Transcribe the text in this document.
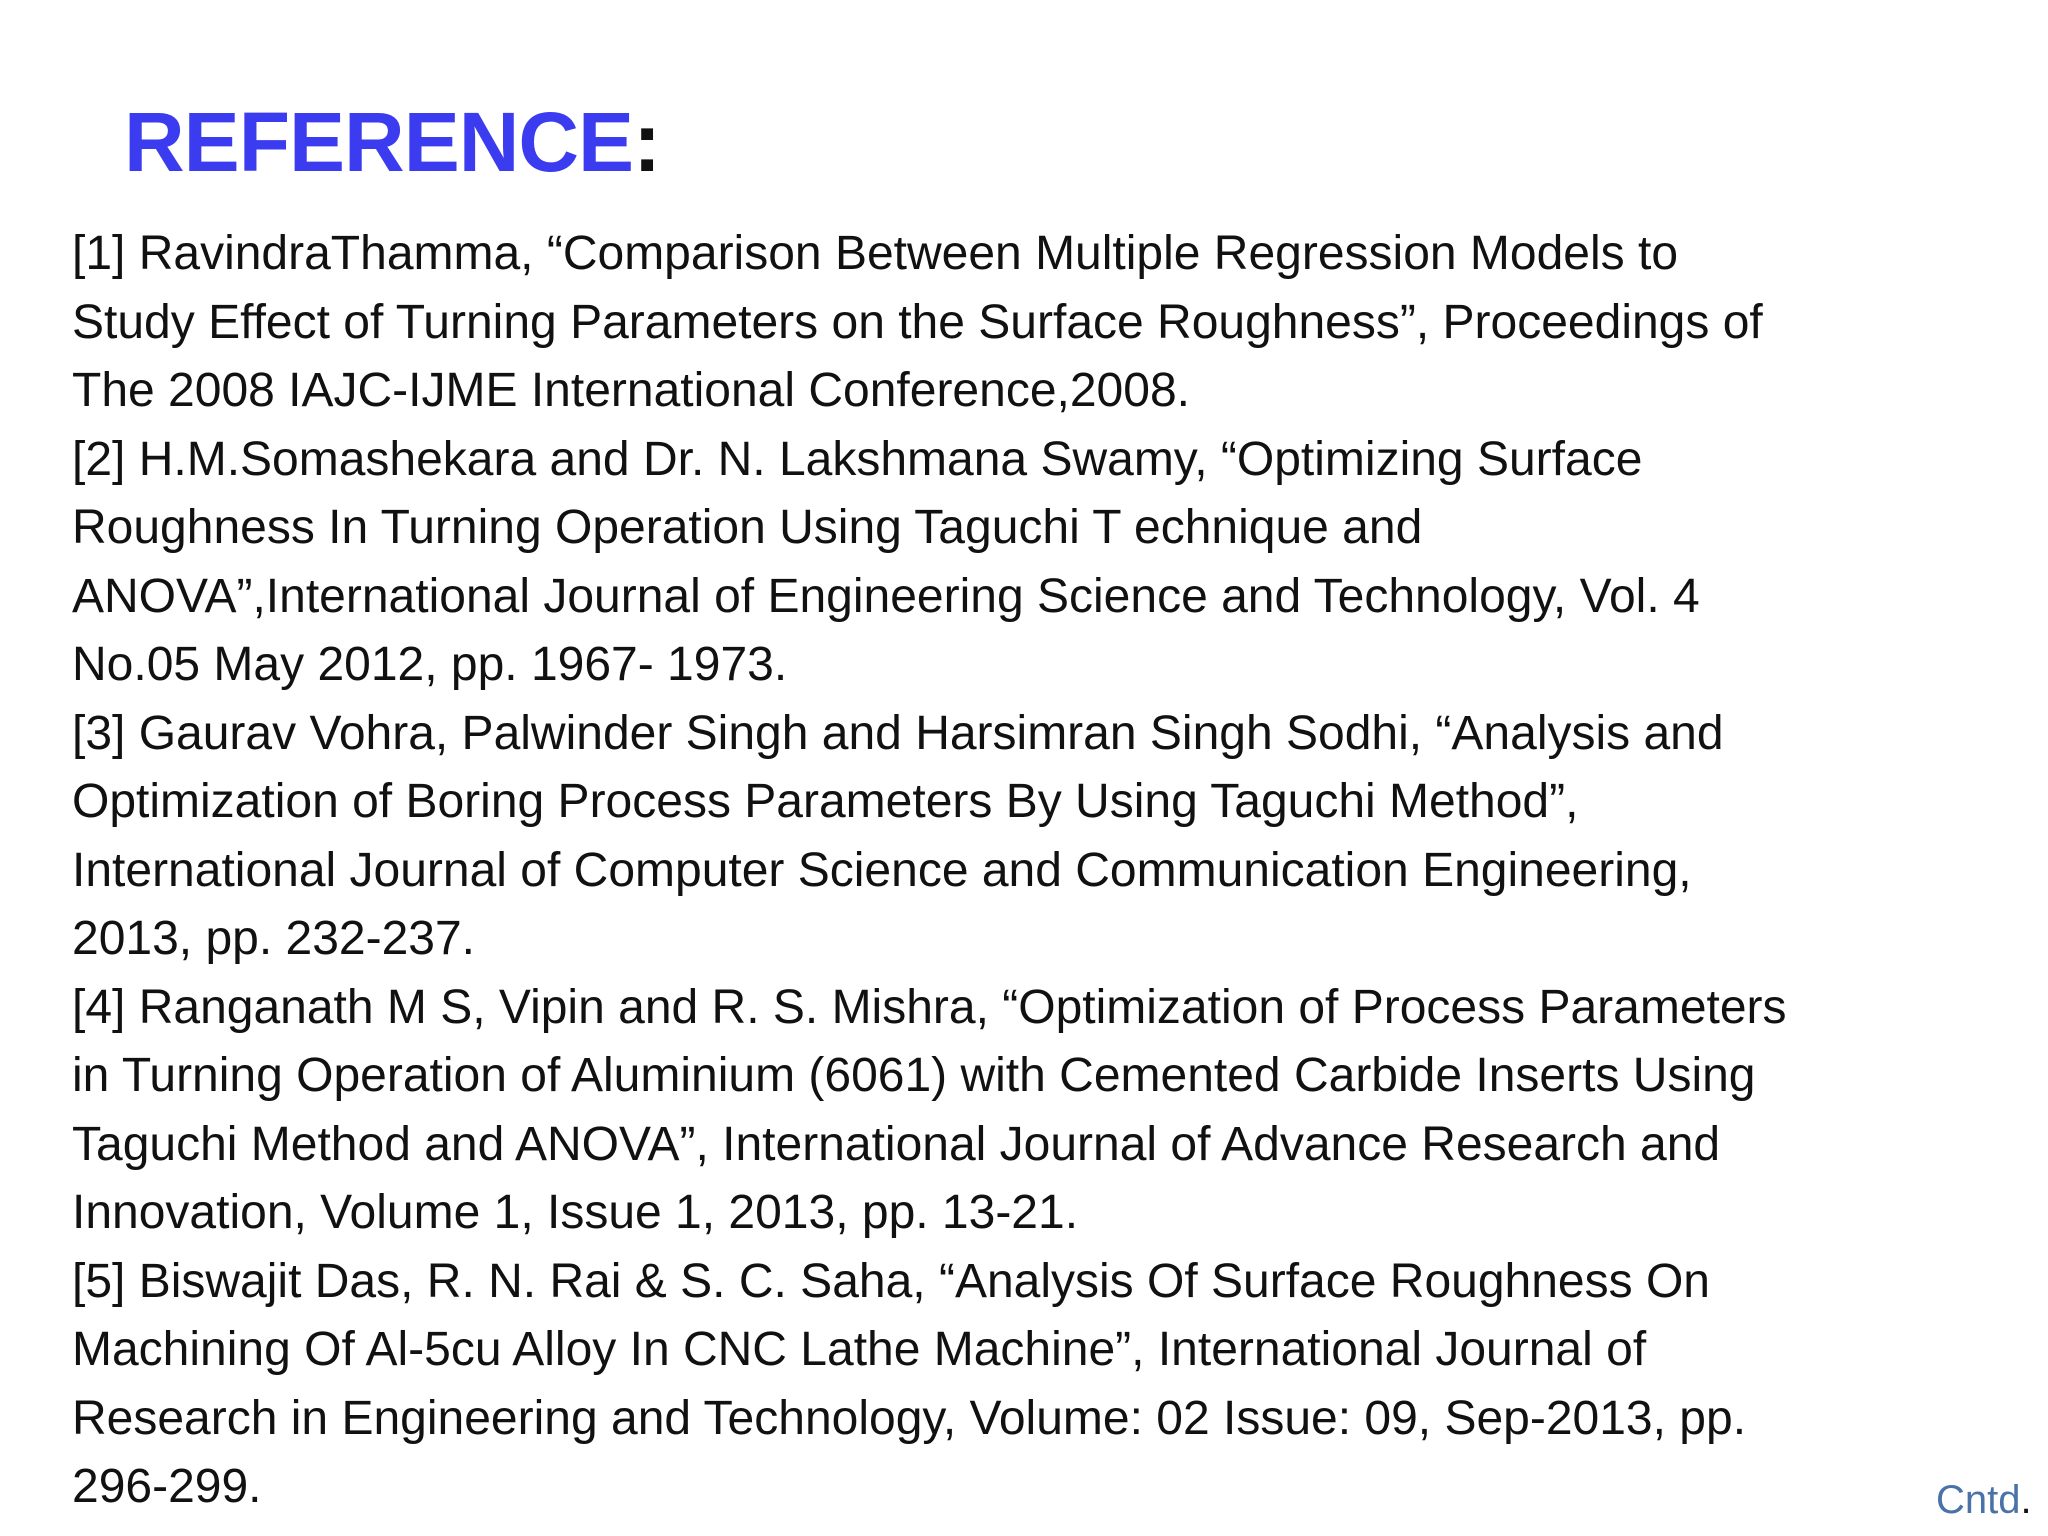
REFERENCE:

[1] RavindraThamma, “Comparison Between Multiple Regression Models to
Study Effect of Turning Parameters on the Surface Roughness”, Proceedings of
The 2008 IAJC-IJME International Conference,2008.

[2] H.M.Somashekara and Dr. N. Lakshmana Swamy, “Optimizing Surface
Roughness In Turning Operation Using Taguchi T echnique and
ANOVA”,International Journal of Engineering Science and Technology, Vol. 4
No.05 May 2012, pp. 1967- 1973.

[3] Gaurav Vohra, Palwinder Singh and Harsimran Singh Sodhi, “Analysis and
Optimization of Boring Process Parameters By Using Taguchi Method”,
International Journal of Computer Science and Communication Engineering,
2013, pp. 232-237.

[4] Ranganath M S, Vipin and R. S. Mishra, “Optimization of Process Parameters
in Turning Operation of Aluminium (6061) with Cemented Carbide Inserts Using
Taguchi Method and ANOVA”, International Journal of Advance Research and
Innovation, Volume 1, Issue 1, 2013, pp. 13-21.

[5] Biswajit Das, R. N. Rai & S. C. Saha, “Analysis Of Surface Roughness On
Machining Of Al-5cu Alloy In CNC Lathe Machine”, International Journal of
Research in Engineering and Technology, Volume: 02 Issue: 09, Sep-2013, pp.
296-299.	Cntd.
